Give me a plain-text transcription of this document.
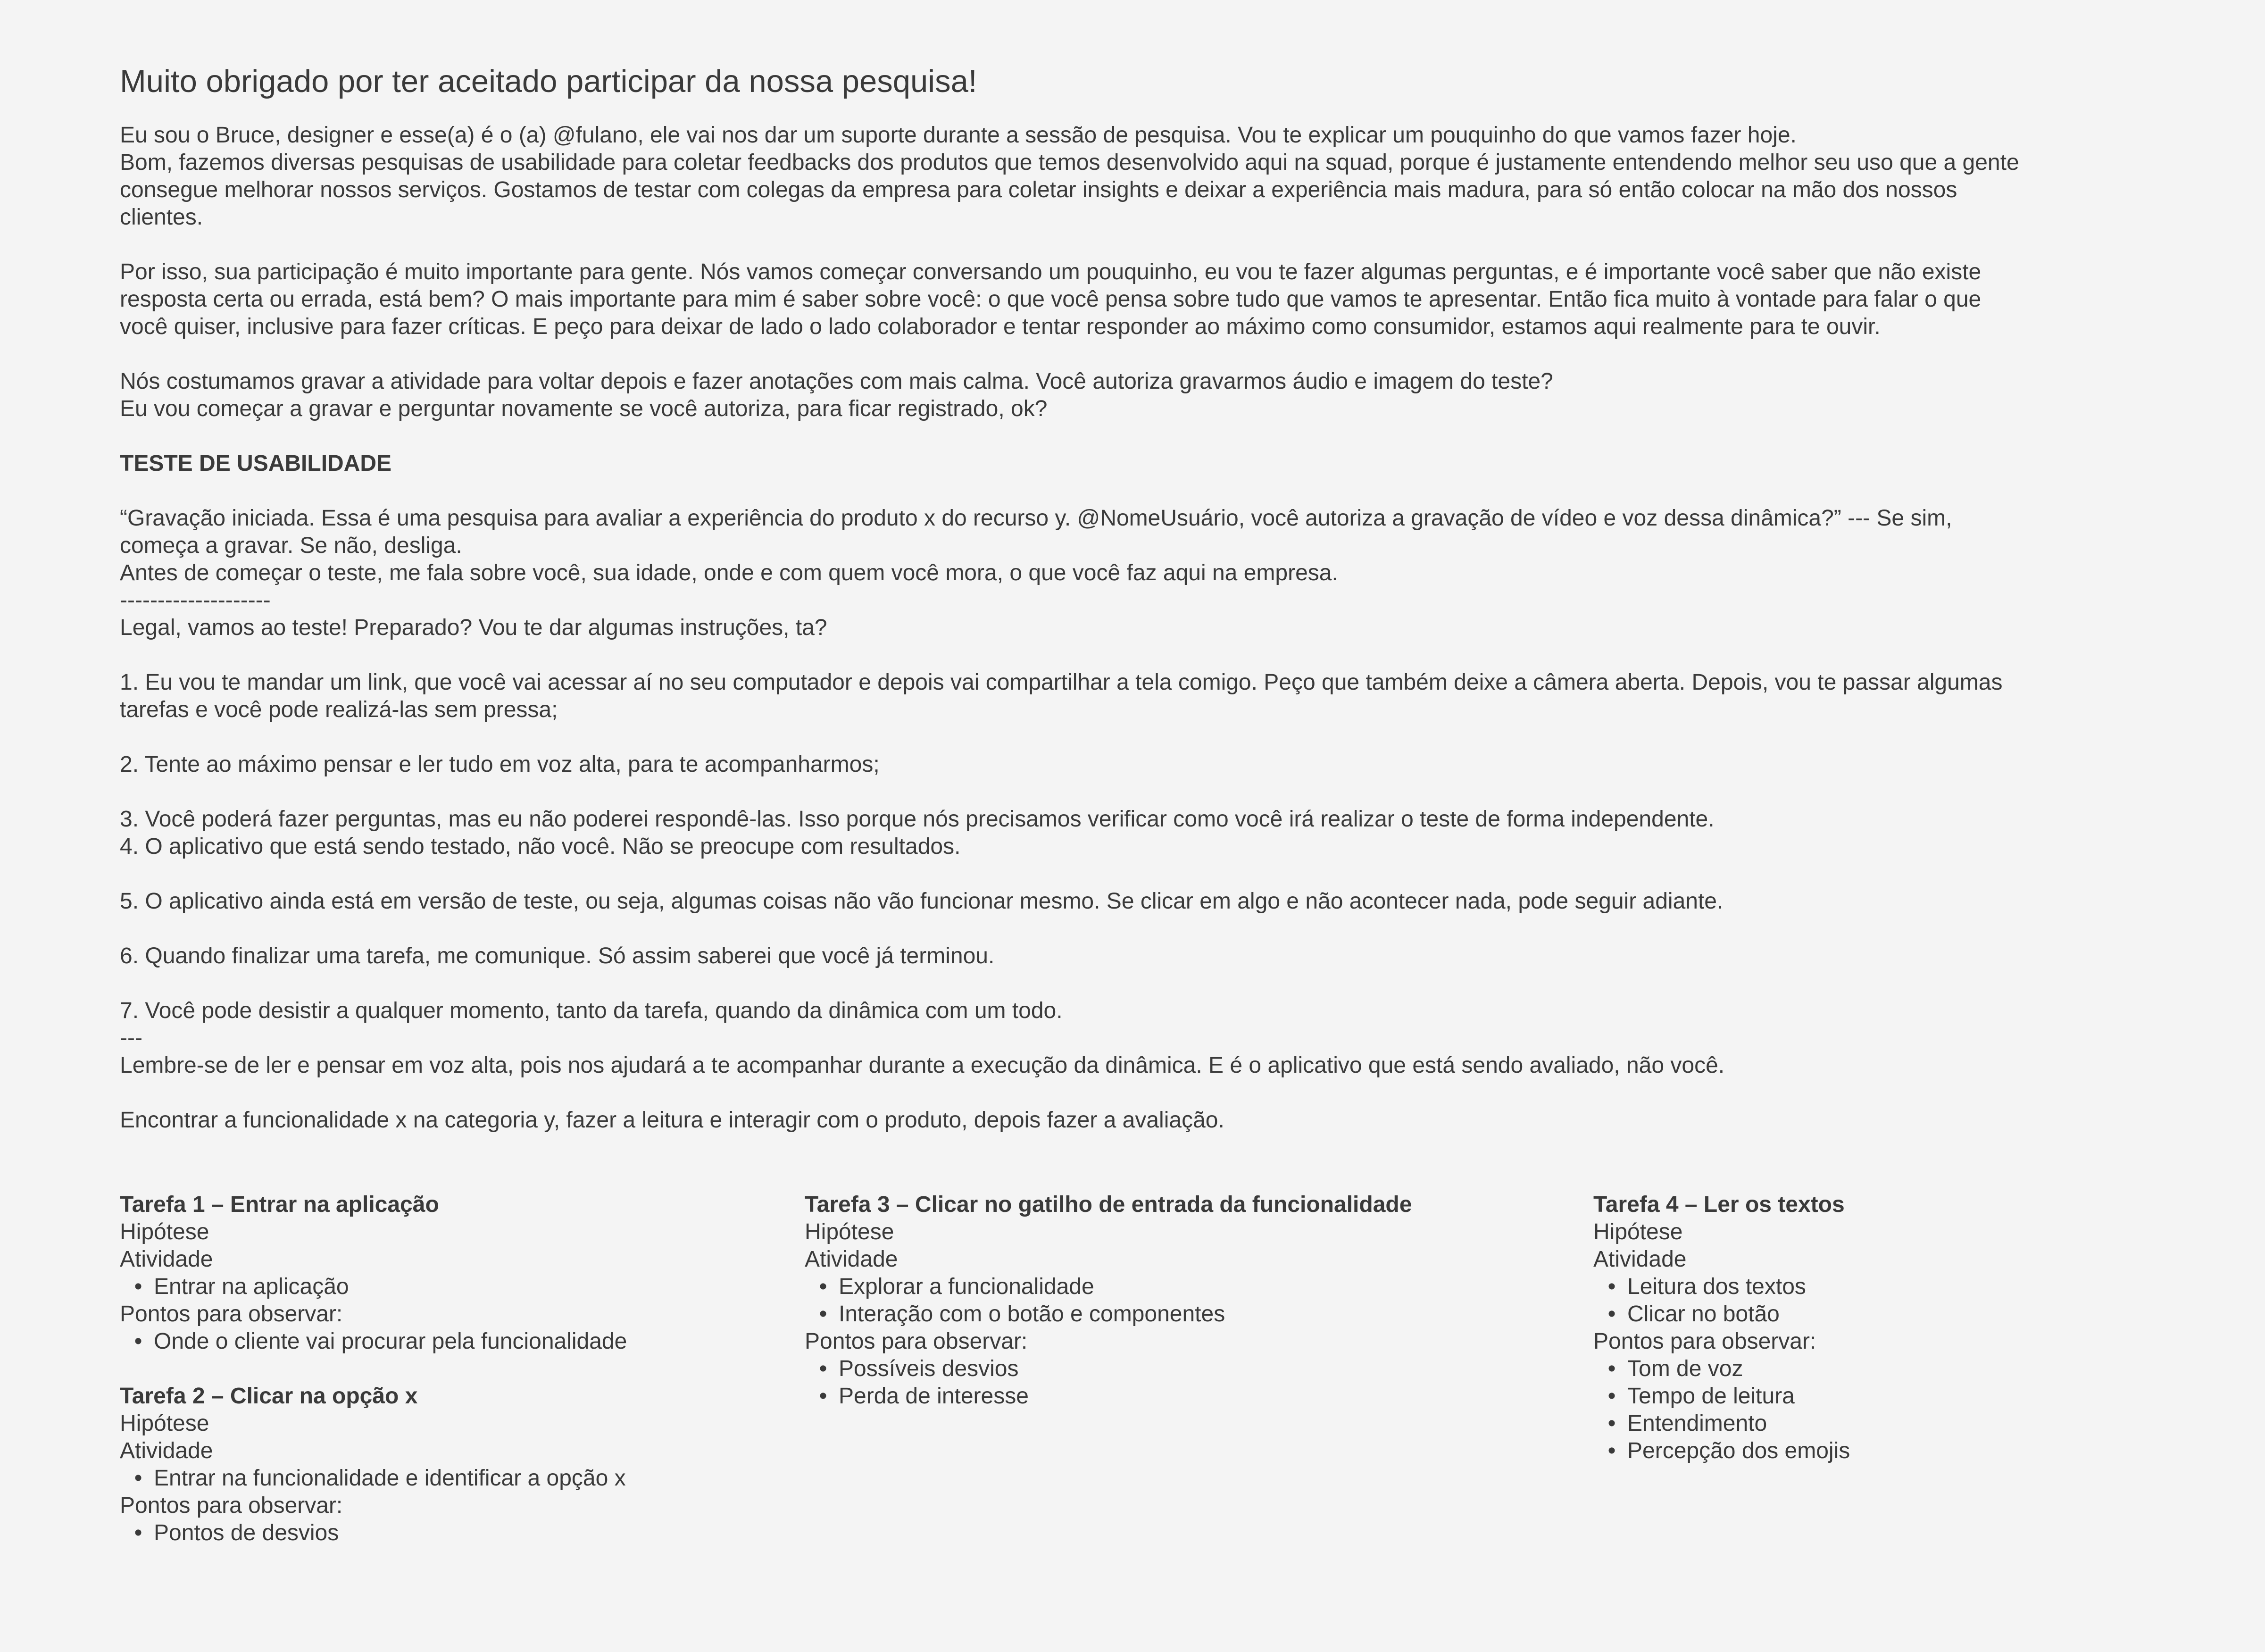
Muito obrigado por ter aceitado participar da nossa pesquisa!

Eu sou o Bruce, designer e esse(a) é o (a) @fulano, ele vai nos dar um suporte durante a sessão de pesquisa. Vou te explicar um pouquinho do que vamos fazer hoje.

Bom, fazemos diversas pesquisas de usabilidade para coletar feedbacks dos produtos que temos desenvolvido aqui na squad, porque é justamente entendendo melhor seu uso que a gente

consegue melhorar nossos serviços. Gostamos de testar com colegas da empresa para coletar insights e deixar a experiência mais madura, para só então colocar na mão dos nossos

clientes.

Por isso, sua participação é muito importante para gente. Nós vamos começar conversando um pouquinho, eu vou te fazer algumas perguntas, e é importante você saber que não existe

resposta certa ou errada, está bem? O mais importante para mim é saber sobre você: o que você pensa sobre tudo que vamos te apresentar. Então fica muito à vontade para falar o que

você quiser, inclusive para fazer críticas. E peço para deixar de lado o lado colaborador e tentar responder ao máximo como consumidor, estamos aqui realmente para te ouvir.

Nós costumamos gravar a atividade para voltar depois e fazer anotações com mais calma. Você autoriza gravarmos áudio e imagem do teste?

Eu vou começar a gravar e perguntar novamente se você autoriza, para ficar registrado, ok?

TESTE DE USABILIDADE

“Gravação iniciada. Essa é uma pesquisa para avaliar a experiência do produto x do recurso y. @NomeUsuário, você autoriza a gravação de vídeo e voz dessa dinâmica?” --- Se sim,

começa a gravar. Se não, desliga.

Antes de começar o teste, me fala sobre você, sua idade, onde e com quem você mora, o que você faz aqui na empresa.

--------------------

Legal, vamos ao teste! Preparado? Vou te dar algumas instruções, ta?

1. Eu vou te mandar um link, que você vai acessar aí no seu computador e depois vai compartilhar a tela comigo. Peço que também deixe a câmera aberta. Depois, vou te passar algumas

tarefas e você pode realizá-las sem pressa;

2. Tente ao máximo pensar e ler tudo em voz alta, para te acompanharmos;

3. Você poderá fazer perguntas, mas eu não poderei respondê-las. Isso porque nós precisamos verificar como você irá realizar o teste de forma independente.

4. O aplicativo que está sendo testado, não você. Não se preocupe com resultados.

5. O aplicativo ainda está em versão de teste, ou seja, algumas coisas não vão funcionar mesmo. Se clicar em algo e não acontecer nada, pode seguir adiante.

6. Quando finalizar uma tarefa, me comunique. Só assim saberei que você já terminou.

7. Você pode desistir a qualquer momento, tanto da tarefa, quando da dinâmica com um todo.

---

Lembre-se de ler e pensar em voz alta, pois nos ajudará a te acompanhar durante a execução da dinâmica. E é o aplicativo que está sendo avaliado, não você.

Encontrar a funcionalidade x na categoria y, fazer a leitura e interagir com o produto, depois fazer a avaliação.

Tarefa 1 – Entrar na aplicação

Hipótese

Atividade

• Entrar na aplicação

Pontos para observar:

• Onde o cliente vai procurar pela funcionalidade

Tarefa 2 – Clicar na opção x

Hipótese

Atividade

• Entrar na funcionalidade e identificar a opção x

Pontos para observar:

• Pontos de desvios

Tarefa 3 – Clicar no gatilho de entrada da funcionalidade

Hipótese

Atividade

• Explorar a funcionalidade
• Interação com o botão e componentes

Pontos para observar:

• Possíveis desvios
• Perda de interesse

Tarefa 4 – Ler os textos

Hipótese

Atividade

• Leitura dos textos
• Clicar no botão

Pontos para observar:

• Tom de voz
• Tempo de leitura
• Entendimento
• Percepção dos emojis
